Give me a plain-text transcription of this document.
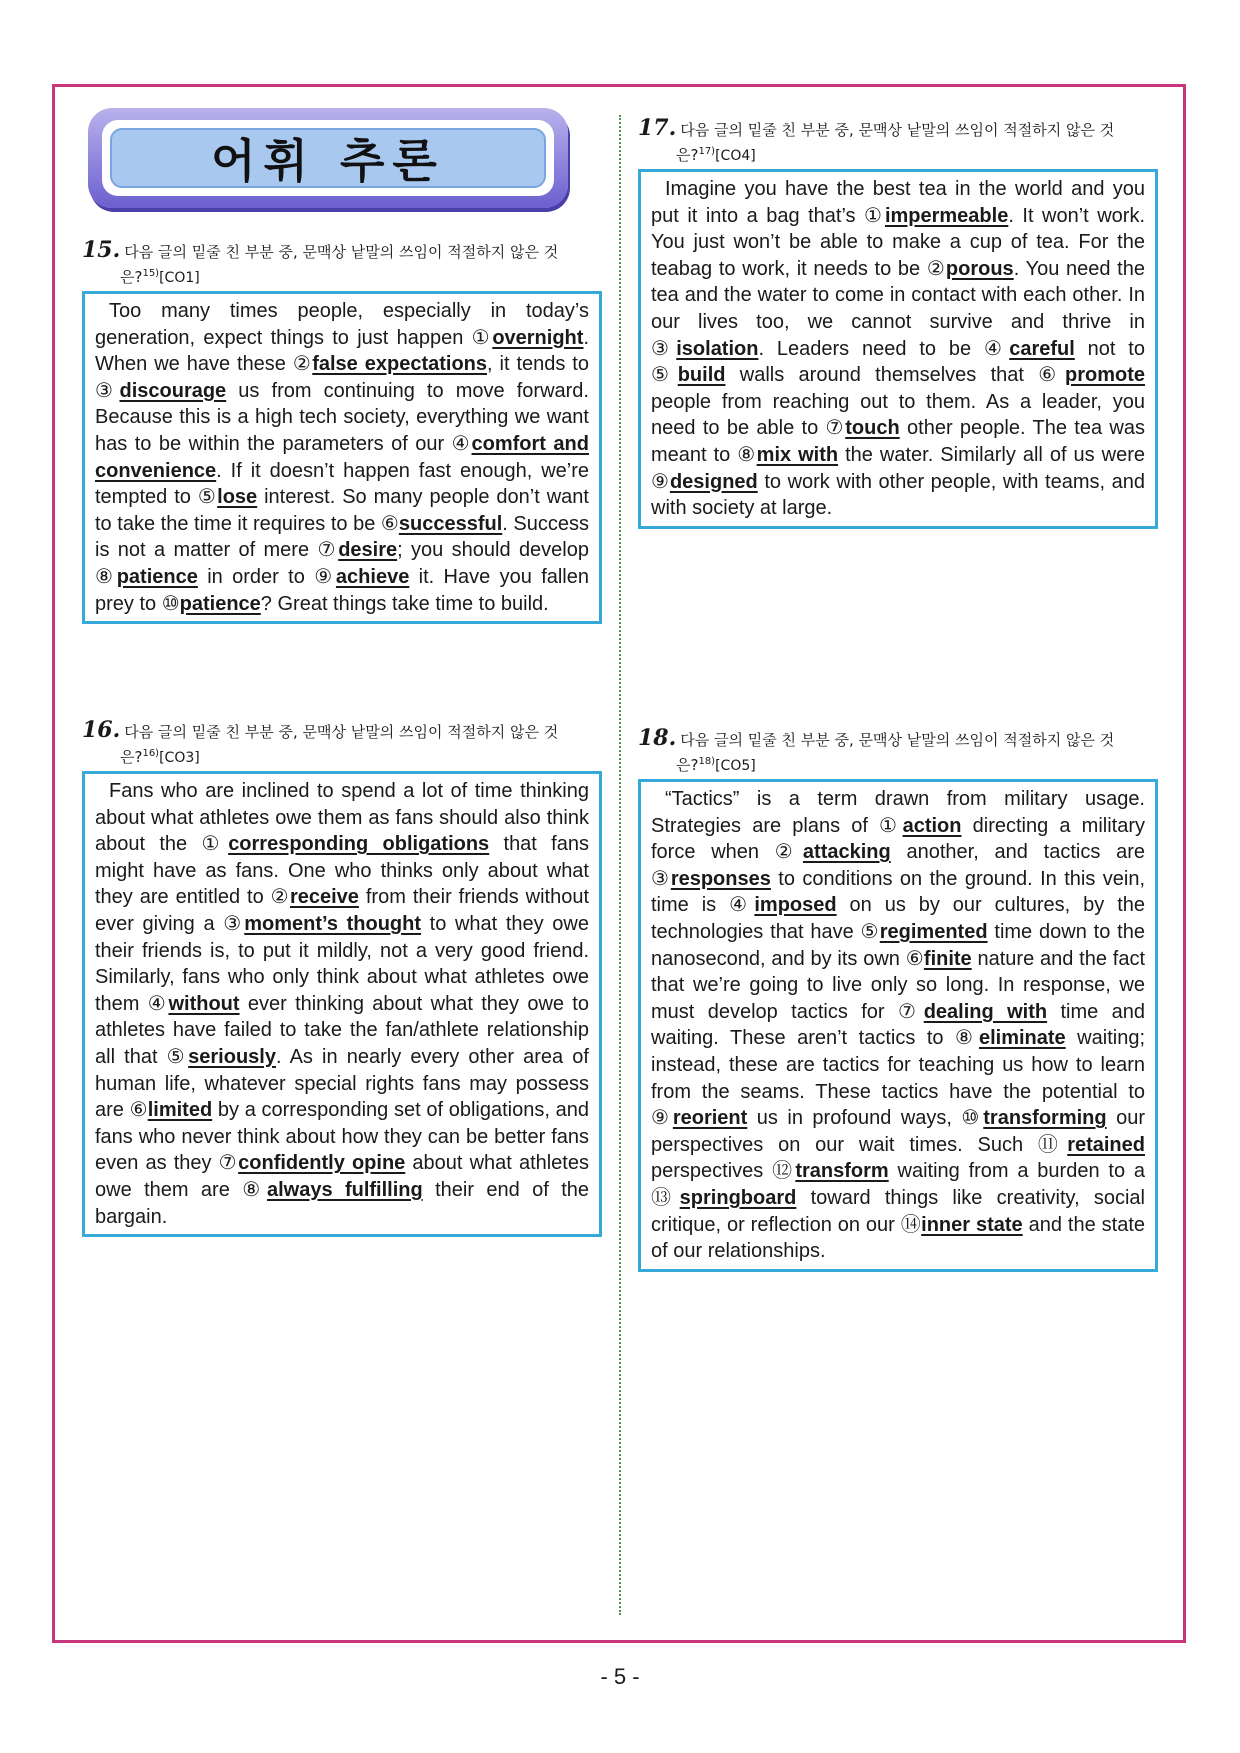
어휘 추론
15. 다음 글의 밑줄 친 부분 중, 문맥상 낱말의 쓰임이 적절하지 않은 것
은?$^{15)}$[CO1]
Too many times people, especially in today’s generation, expect things to just happen ①overnight. When we have these ②false expectations, it tends to ③discourage us from continuing to move forward. Because this is a high tech society, everything we want has to be within the parameters of our ④comfort and convenience. If it doesn’t happen fast enough, we’re tempted to ⑤lose interest. So many people don’t want to take the time it requires to be ⑥successful. Success is not a matter of mere ⑦desire; you should develop ⑧patience in order to ⑨achieve it. Have you fallen prey to ⑩patience? Great things take time to build.
16. 다음 글의 밑줄 친 부분 중, 문맥상 낱말의 쓰임이 적절하지 않은 것
은?$^{16)}$[CO3]
Fans who are inclined to spend a lot of time thinking about what athletes owe them as fans should also think about the ①corresponding obligations that fans might have as fans. One who thinks only about what they are entitled to ②receive from their friends without ever giving a ③moment’s thought to what they owe their friends is, to put it mildly, not a very good friend. Similarly, fans who only think about what athletes owe them ④without ever thinking about what they owe to athletes have failed to take the fan/athlete relationship all that ⑤seriously. As in nearly every other area of human life, whatever special rights fans may possess are ⑥limited by a corresponding set of obligations, and fans who never think about how they can be better fans even as they ⑦confidently opine about what athletes owe them are ⑧always fulfilling their end of the bargain.
17. 다음 글의 밑줄 친 부분 중, 문맥상 낱말의 쓰임이 적절하지 않은 것
은?$^{17)}$[CO4]
Imagine you have the best tea in the world and you put it into a bag that’s ①impermeable. It won’t work. You just won’t be able to make a cup of tea. For the teabag to work, it needs to be ②porous. You need the tea and the water to come in contact with each other. In our lives too, we cannot survive and thrive in ③isolation. Leaders need to be ④careful not to ⑤build walls around themselves that ⑥promote people from reaching out to them. As a leader, you need to be able to ⑦touch other people. The tea was meant to ⑧mix with the water. Similarly all of us were ⑨designed to work with other people, with teams, and with society at large.
18. 다음 글의 밑줄 친 부분 중, 문맥상 낱말의 쓰임이 적절하지 않은 것
은?$^{18)}$[CO5]
“Tactics” is a term drawn from military usage. Strategies are plans of ①action directing a military force when ②attacking another, and tactics are ③responses to conditions on the ground. In this vein, time is ④imposed on us by our cultures, by the technologies that have ⑤regimented time down to the nanosecond, and by its own ⑥finite nature and the fact that we’re going to live only so long. In response, we must develop tactics for ⑦dealing with time and waiting. These aren’t tactics to ⑧eliminate waiting; instead, these are tactics for teaching us how to learn from the seams. These tactics have the potential to ⑨reorient us in profound ways, ⑩transforming our perspectives on our wait times. Such ⑪retained perspectives ⑫transform waiting from a burden to a ⑬springboard toward things like creativity, social critique, or reflection on our ⑭inner state and the state of our relationships.
- 5 -
